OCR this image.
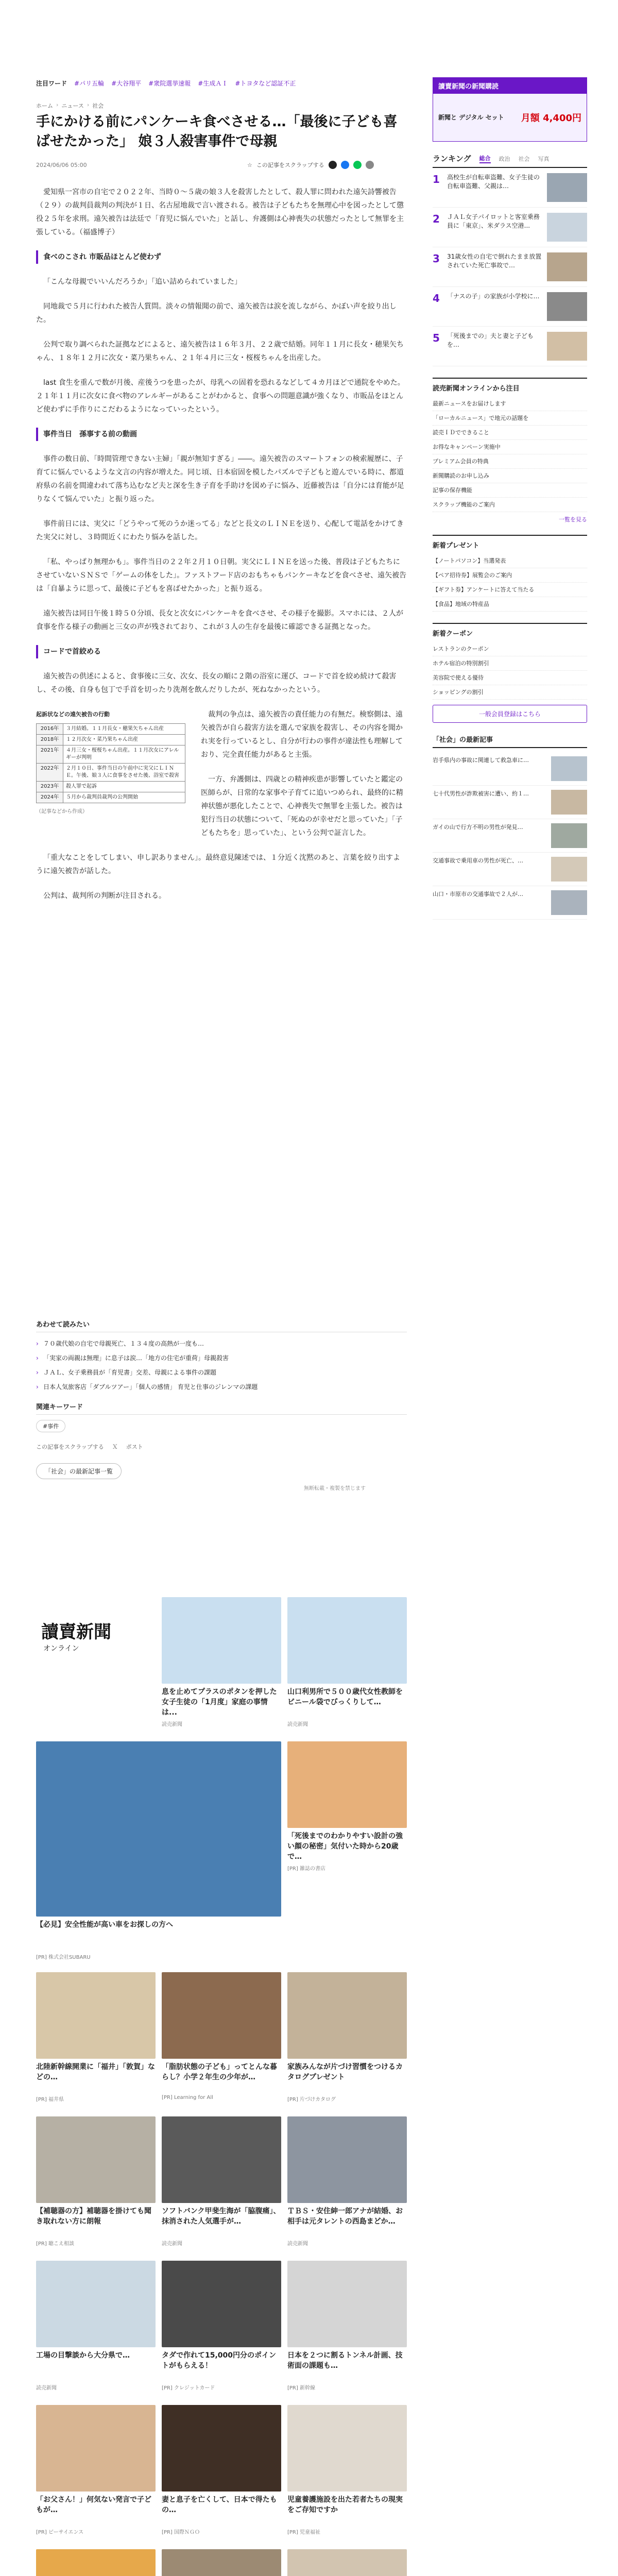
注目ワード	# パリ五輪	# 大谷翔平	# 衆院選挙速報	# 生成ＡＩ	# トヨタなど認証不正
ホーム › ニュース › 社会
手にかける前にパンケーキ食べさせる…「最後に子ども喜ばせたかった」 娘３人殺害事件で母親
2024/06/06 05:00	☆ この記事をスクラップする

愛知県一宮市の自宅で２０２２年、当時０～５歳の娘３人を殺害したとして、殺人罪に問われた遠矢詩響被告（２９）の裁判員裁判の判決が１日、名古屋地裁で言い渡される。被告は子どもたちを無理心中を図ったとして懲役２５年を求刑。遠矢被告は法廷で「育児に悩んでいた」と話し、弁護側は心神喪失の状態だったとして無罪を主張している。（福盛博子）

食べのこされ 市販品ほとんど使わず

「こんな母親でいいんだろうか」「追い詰められていました」

同地裁で５月に行われた被告人質問。淡々の情報聞の前で、遠矢被告は涙を流しながら、かぼい声を絞り出した。

公判で取り調べられた証拠などによると、遠矢被告は１６年３月、２２歳で結婚。同年１１月に長女・穂果矢ちゃん、１８年１２月に次女・菜乃果ちゃん、２１年４月に三女・桜桜ちゃんを出産した。

last 食生を重んで数が月後、産後うつを患ったが、母乳への固着を恐れるなどして４カ月ほどで通院をやめた。２１年１１月に次女に食べ物のアレルギーがあることがわかると、食事への問題意識が強くなり、市販品をほとんど使わずに手作りにこだわるようになっていったという。

事件当日　孫事する前の動画

事件の数日前、「時間管理できない主婦」「親が無知すぎる」――。遠矢被告のスマートフォンの検索履歴に、子育てに悩んでいるような文言の内容が増えた。同じ頃、日本宿固を模したパズルで子どもと遊んでいる時に、都道府県の名前を間違われて落ち込むなど夫と深を生き子育を手助けを図め子に悩み、近藤被告は「自分には育能が足りなくて悩んでいた」と振り返った。

事件前日には、実父に「どうやって死のうか迷ってる」などと長文のＬＩＮＥを送り、心配して電話をかけてきた実父に対し、３時間近くにわたり悩みを話した。

「私、やっぱり無理かも」。事件当日の２２年２月１０日朝。実父にＬＩＮＥを送った後、普段は子どもたちにさせていないＳＮＳで「ゲームの体をした」。ファストフード店のおもちゃもパンケーキなどを食べさせ、遠矢被告は「自暴ように思って、最後に子どもを喜ばせたかった」と振り返る。

遠矢被告は同日午後１時５０分頃、長女と次女にパンケーキを食べさせ、その様子を撮影。スマホには、２人が食事を作る様子の動画と三女の声が残されており、これが３人の生存を最後に確認できる証拠となった。

コードで首絞める

遠矢被告の供述によると、食事後に三女、次女、長女の順に２階の浴室に運び、コードで首を絞め続けて殺害し、その後、自身も包丁で手首を切ったり洗剤を飲んだりしたが、死ねなかったという。

起訴状などの遠矢被告の行動
2016年	３月結婚。１１月長女・穂果矢ちゃん出産
2018年	１２月次女・菜乃果ちゃん出産
2021年	４月三女・桜桜ちゃん出産。１１月次女にアレルギーが判明
2022年	２月１０日、事件当日の午前中に実父にＬＩＮＥ。午後、娘３人に食事をさせた後、浴室で殺害
2023年	殺人罪で起訴
2024年	５月から裁判員裁判の公判開始
（記事などから作成）

裁判の争点は、遠矢被告の責任能力の有無だ。検察側は、遠矢被告が自ら殺害方法を選んで家族を殺害し、その内容を聞かれ実を行っているとし、自分が行わの事件が違法性も理解しており、完全責任能力があると主張。

一方、弁護側は、四歳との精神疾患が影響していたと鑑定の医師らが、日常的な家事や子育てに追いつめられ、最終的に精神状態が悪化したことで、心神喪失で無罪を主張した。被告は犯行当日の状態について、「死ぬのが幸せだと思っていた」「子どもたちを」思っていた」、という公判で証言した。

「重大なことをしてしまい、申し訳ありません」。最終意見陳述では、１分近く沈黙のあと、言葉を絞り出すように遠矢被告が話した。

公判は、裁判所の判断が注目される。

あわせて読みたい
› ７０歳代娘の自宅で母親死亡、１３４度の高熱が一度も…
› 「実家の両親は無理」に息子は涙…「地方の住宅が重荷」母親殺害
› ＪＡＬ、女子乗務員が「育児書」交差、母親による事件の課題
› 日本人気旅客店「ダブルツアー」「個人の感情」 育児と仕事のジレンマの課題
関連キーワード
#事件
この記事をスクラップする Ｘ ポスト
「社会」の最新記事一覧
無断転載・複製を禁じます
讀賣新聞
オンライン
息を止めてプラスのポタンを押した女子生徒の「1月度」家庭の事情は...
読売新聞
山口利男所で５００歳代女性教師をビニール袋でびっくりして…
読売新聞
【必見】安全性能が高い車をお探しの方へ
[PR] 株式会社SUBARU
「死後までのわかりやすい設計の強い顔の秘密」気付いた時から20歳で…
[PR] 雑誌の書店
北陸新幹線開業に「福井」「敦賀」などの…
[PR] 福井県
「脂肪状態の子ども」ってとんな暮らし？小学２年生の少年が…
[PR] Learning for All
家族みんなが片づけ習慣をつけるカタログプレゼント
[PR] 片づけカタログ
【補聴器の方】補聴器を掛けても聞き取れない方に朗報
[PR] 聴こえ相談
ソフトバンク甲斐生海が「脇腹痛」、抹消された人気選手が…
読売新聞
ＴＢＳ・安住紳一郎アナが結婚、お相手は元タレントの西島まどか…
読売新聞
工場の目撃談から大分県で…
読売新聞
タダで作れて15,000円分のポイントがもらえる！
[PR] クレジットカード
日本を２つに割るトンネル計画、技術面の課題も…
[PR] 新幹線
「お父さん！」何気ない発言で子どもが…
[PR] ビーサイエンス
妻と息子を亡くして、日本で得たもの…
[PR] 国際ＮＧＯ
児童養護施設を出た若者たちの現実をご存知ですか
[PR] 児童福祉
讀賣新聞の新聞購読
新聞と デジタル セット 月額 4,400円
ランキング 総合 政治 社会 写真
1	高校生が自転車盗難、女子生徒の自転車盗難、父親は…
2	ＪＡＬ女子パイロットと客室乗務員に「東京」、米ダラス空港...
3	31歳女性の自宅で倒れたまま放置されていた死亡事故で…
4	「ナスの子」の家族が小学校に…
5	「死後までの」夫と妻と子どもを…
読売新聞オンラインから注目
最新ニュースをお届けします
「ローカルニュース」で地元の話題を
読売ＩＤでできること
お得なキャンペーン実施中
プレミアム会員の特典
新聞購読のお申し込み
記事の保存機能
スクラップ機能のご案内
一覧を見る
新着プレゼント
【ノートパソコン】当選発表
【ペア招待券】展覧会のご案内
【ギフト券】アンケートに答えて当たる
【食品】地域の特産品
新着クーポン
レストランのクーポン
ホテル宿泊の特別割引
美容院で使える優待
ショッピングの割引
一般会員登録はこちら
「社会」の最新記事
岩手県内の事故に関連して救急車に…
七十代男性が詐欺被害に遭い、約１…
ガイの山で行方不明の男性が発見…
交通事故で乗用車の男性が死亡、…
山口・市原市の交通事故で２人が…
